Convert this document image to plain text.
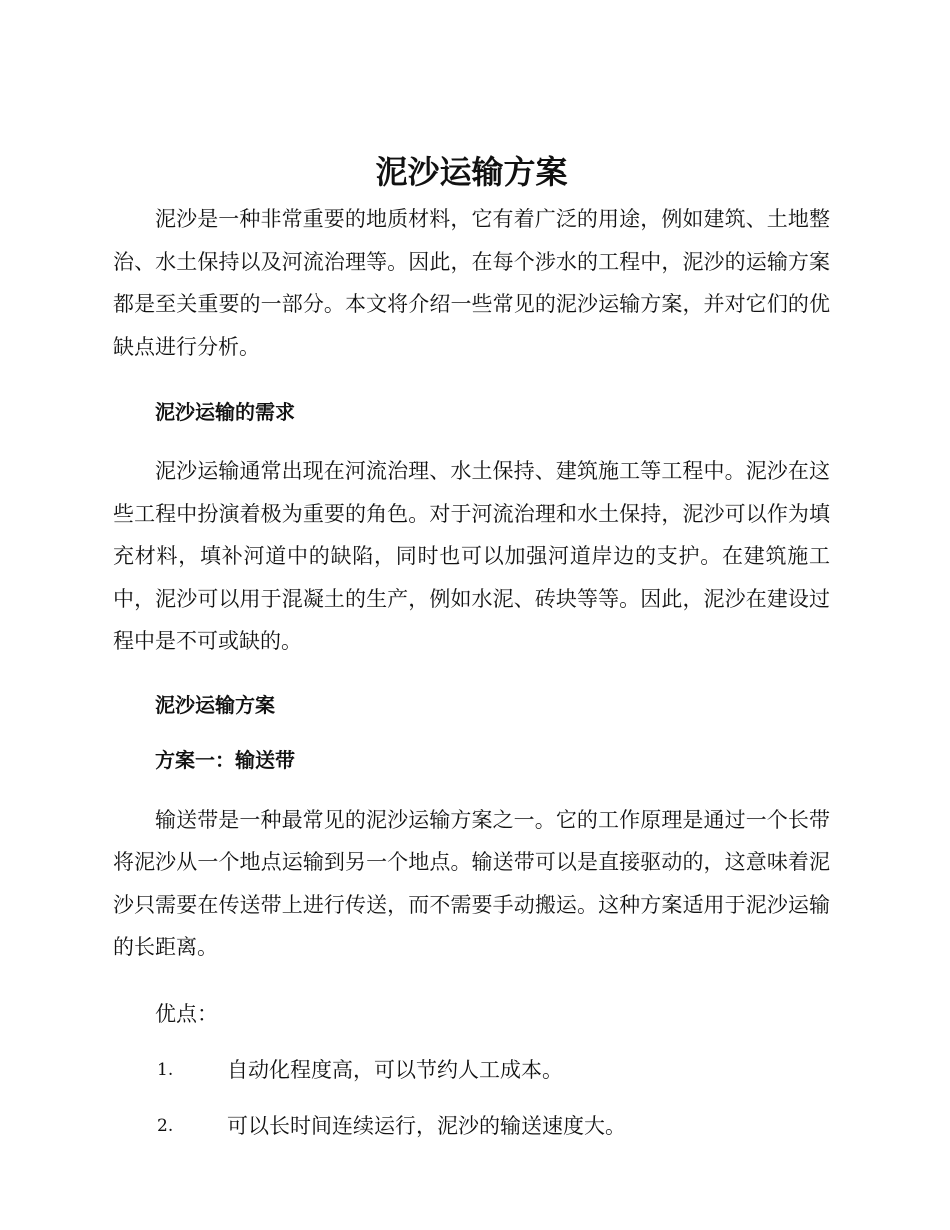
泥沙运输方案

泥沙是一种非常重要的地质材料，它有着广泛的用途，例如建筑、土地整治、水土保持以及河流治理等。因此，在每个涉水的工程中，泥沙的运输方案都是至关重要的一部分。本文将介绍一些常见的泥沙运输方案，并对它们的优缺点进行分析。

泥沙运输的需求

泥沙运输通常出现在河流治理、水土保持、建筑施工等工程中。泥沙在这些工程中扮演着极为重要的角色。对于河流治理和水土保持，泥沙可以作为填充材料，填补河道中的缺陷，同时也可以加强河道岸边的支护。在建筑施工中，泥沙可以用于混凝土的生产，例如水泥、砖块等等。因此，泥沙在建设过程中是不可或缺的。

泥沙运输方案
方案一：输送带

输送带是一种最常见的泥沙运输方案之一。它的工作原理是通过一个长带将泥沙从一个地点运输到另一个地点。输送带可以是直接驱动的，这意味着泥沙只需要在传送带上进行传送，而不需要手动搬运。这种方案适用于泥沙运输的长距离。

优点：
1.	自动化程度高，可以节约人工成本。
2.	可以长时间连续运行，泥沙的输送速度大。
